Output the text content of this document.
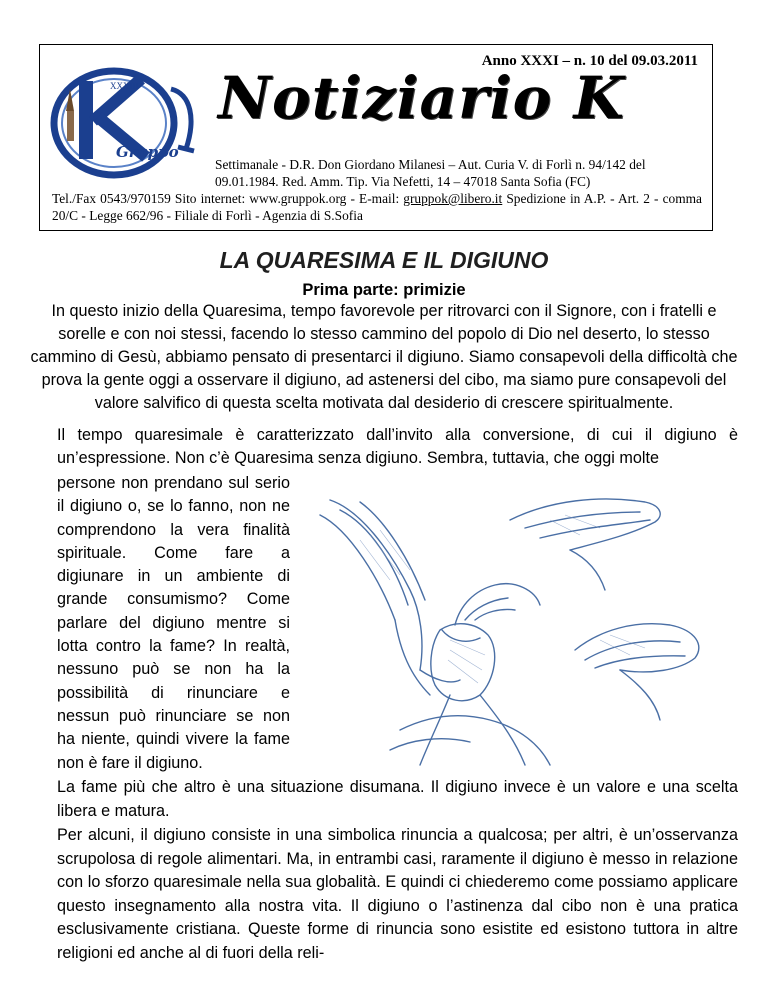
Anno XXXI – n. 10 del 09.03.2011
Gruppo
XXXIII Notiziario K
Settimanale - D.R. Don Giordano Milanesi – Aut. Curia V. di Forlì n. 94/142 del 09.01.1984. Red. Amm. Tip. Via Nefetti, 14 – 47018 Santa Sofia (FC)
Tel./Fax 0543/970159 Sito internet: www.gruppok.org - E-mail: gruppok@libero.it Spedizione in A.P. - Art. 2 - comma 20/C - Legge 662/96 - Filiale di Forlì - Agenzia di S.Sofia
LA QUARESIMA E IL DIGIUNO
Prima parte: primizie

In questo inizio della Quaresima, tempo favorevole per ritrovarci con il Signore, con i fratelli e sorelle e con noi stessi, facendo lo stesso cammino del popolo di Dio nel deserto, lo stesso cammino di Gesù, abbiamo pensato di presentarci il digiuno. Siamo consapevoli della difficoltà che prova la gente oggi a osservare il digiuno, ad astenersi del cibo, ma siamo pure consapevoli del valore salvifico di questa scelta motivata dal desiderio di crescere spiritualmente.

Il tempo quaresimale è caratterizzato dall’invito alla conversione, di cui il digiuno è un’espressione. Non c’è Quaresima senza digiuno. Sembra, tuttavia, che oggi molte

persone non prendano sul serio il digiuno o, se lo fanno, non ne comprendono la vera finalità spirituale. Come fare a digiunare in un ambiente di grande consumismo? Come parlare del digiuno mentre si lotta contro la fame? In realtà, nessuno può se non ha la possibilità di rinunciare e nessun può rinunciare se non ha niente, quindi vivere la fame non è fare il digiuno.

La fame più che altro è una situazione disumana. Il digiuno invece è un valore e una scelta libera e matura.

Per alcuni, il digiuno consiste in una simbolica rinuncia a qualcosa; per altri, è un’osservanza scrupolosa di regole alimentari. Ma, in entrambi casi, raramente il digiuno è messo in relazione con lo sforzo quaresimale nella sua globalità. E quindi ci chiederemo come possiamo applicare questo insegnamento alla nostra vita. Il digiuno o l’astinenza dal cibo non è una pratica esclusivamente cristiana. Queste forme di rinuncia sono esistite ed esistono tuttora in altre religioni ed anche al di fuori della reli-
